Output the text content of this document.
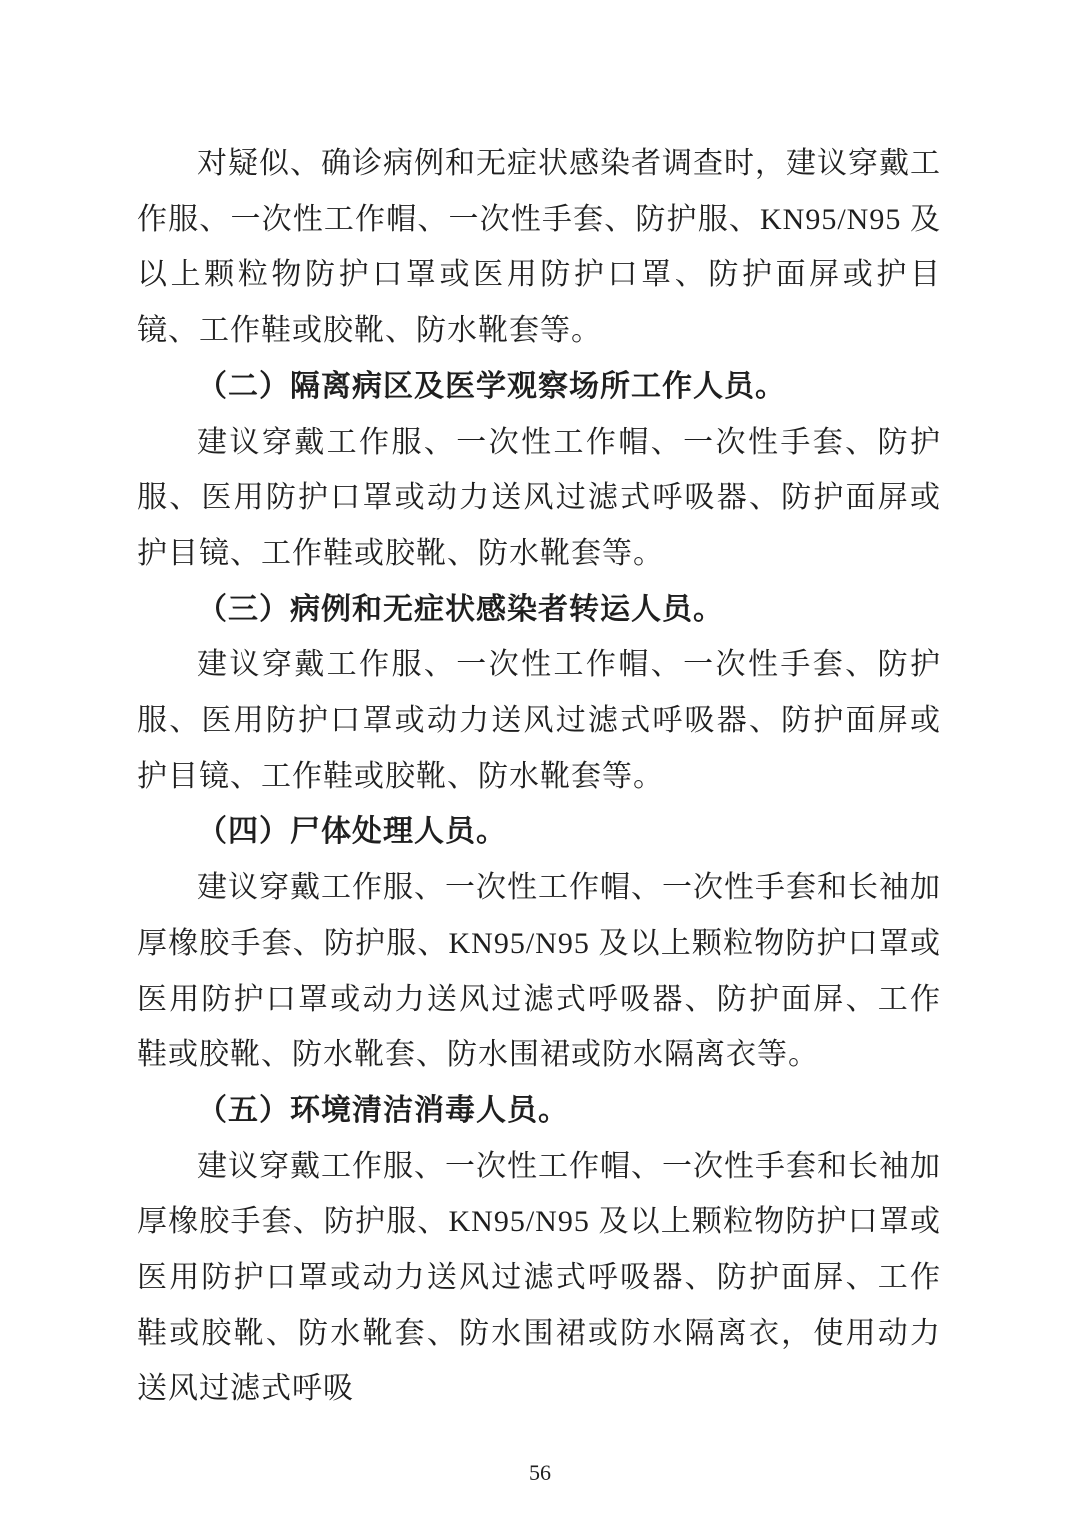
对疑似、确诊病例和无症状感染者调查时，建议穿戴工作服、一次性工作帽、一次性手套、防护服、KN95/N95 及以上颗粒物防护口罩或医用防护口罩、防护面屏或护目镜、工作鞋或胶靴、防水靴套等。

（二）隔离病区及医学观察场所工作人员。

建议穿戴工作服、一次性工作帽、一次性手套、防护服、医用防护口罩或动力送风过滤式呼吸器、防护面屏或护目镜、工作鞋或胶靴、防水靴套等。

（三）病例和无症状感染者转运人员。

建议穿戴工作服、一次性工作帽、一次性手套、防护服、医用防护口罩或动力送风过滤式呼吸器、防护面屏或护目镜、工作鞋或胶靴、防水靴套等。

（四）尸体处理人员。

建议穿戴工作服、一次性工作帽、一次性手套和长袖加厚橡胶手套、防护服、KN95/N95 及以上颗粒物防护口罩或医用防护口罩或动力送风过滤式呼吸器、防护面屏、工作鞋或胶靴、防水靴套、防水围裙或防水隔离衣等。

（五）环境清洁消毒人员。

建议穿戴工作服、一次性工作帽、一次性手套和长袖加厚橡胶手套、防护服、KN95/N95 及以上颗粒物防护口罩或医用防护口罩或动力送风过滤式呼吸器、防护面屏、工作鞋或胶靴、防水靴套、防水围裙或防水隔离衣，使用动力送风过滤式呼吸

56
